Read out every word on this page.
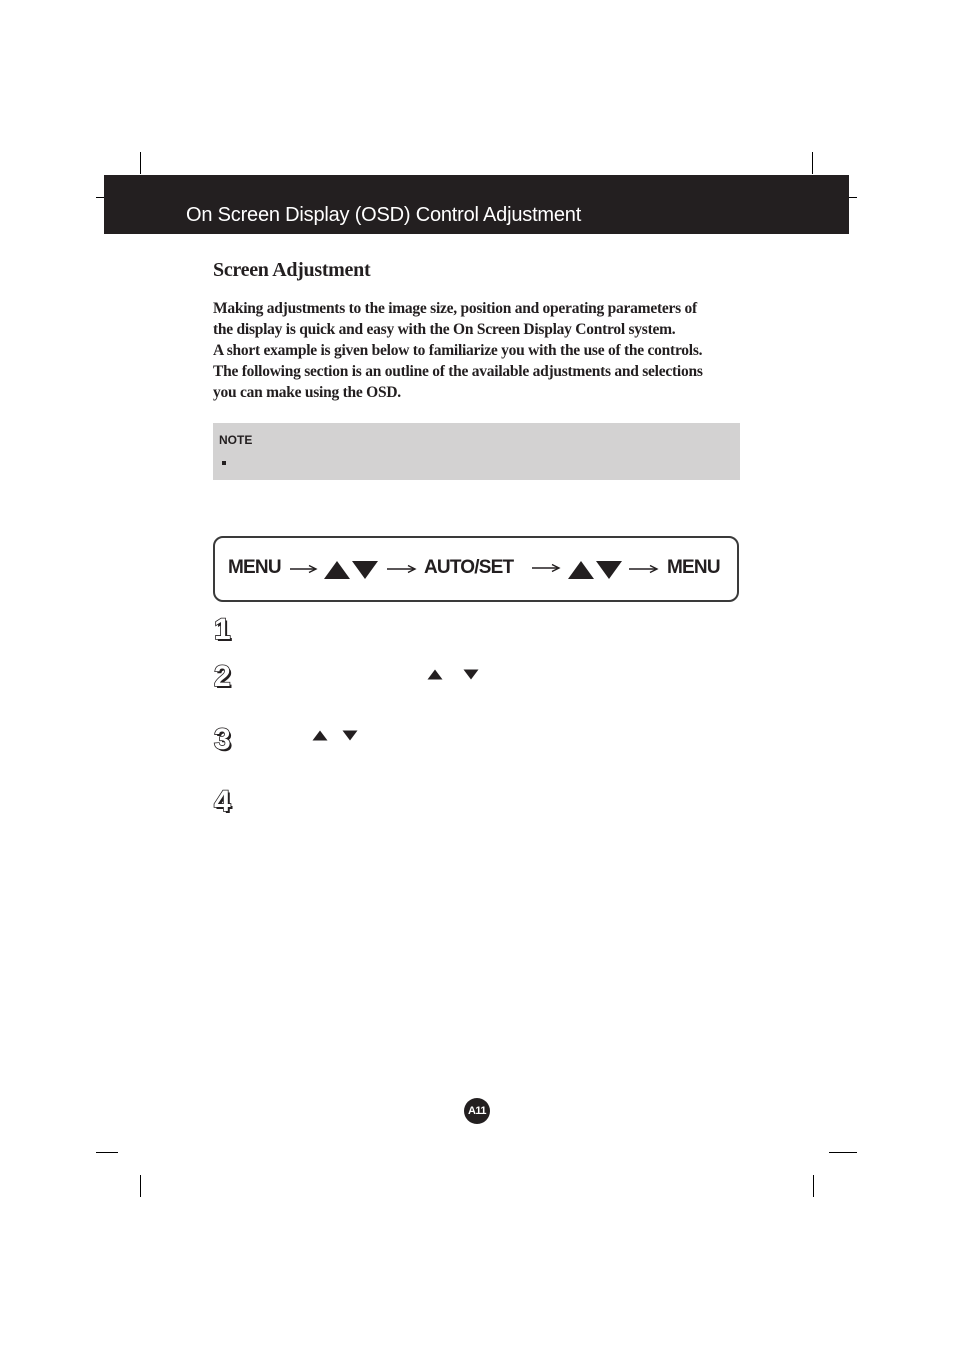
On Screen Display (OSD) Control Adjustment
Screen Adjustment

Making adjustments to the image size, position and operating parameters of
the display is quick and easy with the On Screen Display Control system.
A short example is given below to familiarize you with the use of the controls.
The following section is an outline of the available adjustments and selections
you can make using the OSD.

NOTE
MENU	AUTO/SET	MENU
1
2
3
4
A11
